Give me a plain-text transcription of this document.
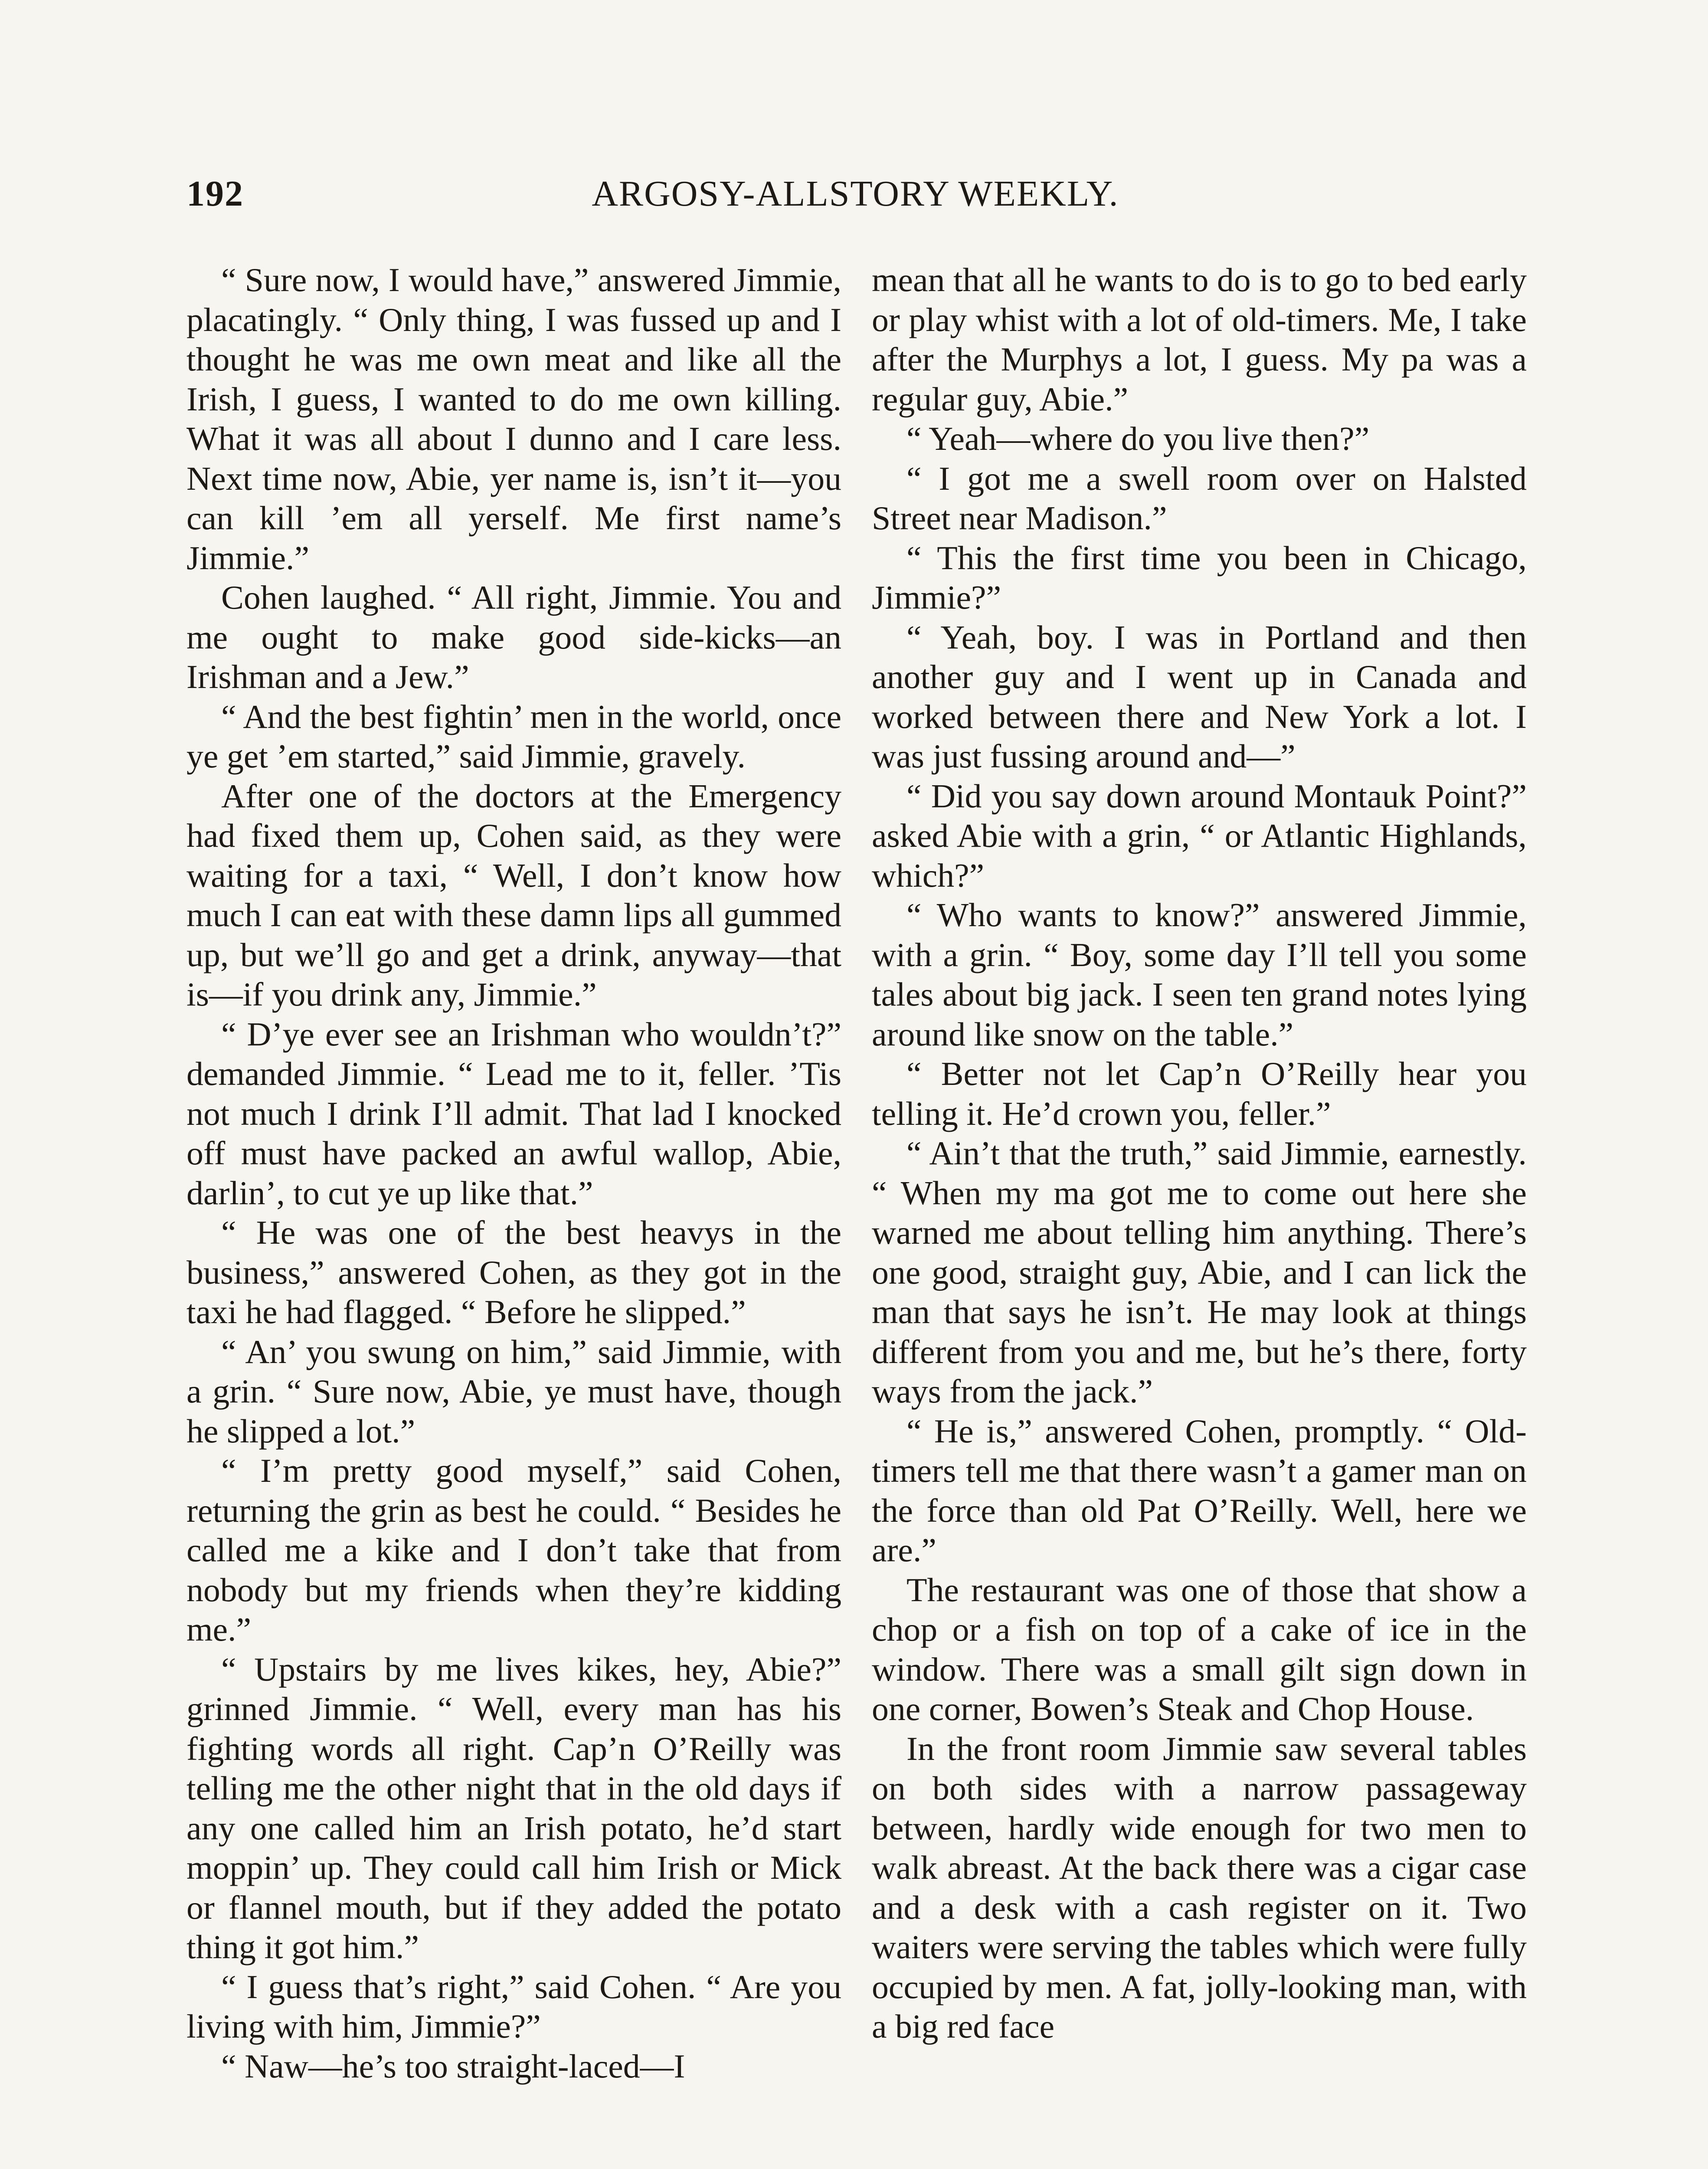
192	ARGOSY-ALLSTORY WEEKLY.

“ Sure now, I would have,” answered Jimmie, placatingly. “ Only thing, I was fussed up and I thought he was me own meat and like all the Irish, I guess, I wanted to do me own killing. What it was all about I dunno and I care less. Next time now, Abie, yer name is, isn’t it—you can kill ’em all yerself. Me first name’s Jimmie.”

Cohen laughed. “ All right, Jimmie. You and me ought to make good side-kicks—an Irishman and a Jew.”

“ And the best fightin’ men in the world, once ye get ’em started,” said Jimmie, gravely.

After one of the doctors at the Emergency had fixed them up, Cohen said, as they were waiting for a taxi, “ Well, I don’t know how much I can eat with these damn lips all gummed up, but we’ll go and get a drink, anyway—that is—if you drink any, Jimmie.”

“ D’ye ever see an Irishman who wouldn’t?” demanded Jimmie. “ Lead me to it, feller. ’Tis not much I drink I’ll admit. That lad I knocked off must have packed an awful wallop, Abie, darlin’, to cut ye up like that.”

“ He was one of the best heavys in the business,” answered Cohen, as they got in the taxi he had flagged. “ Before he slipped.”

“ An’ you swung on him,” said Jimmie, with a grin. “ Sure now, Abie, ye must have, though he slipped a lot.”

“ I’m pretty good myself,” said Cohen, returning the grin as best he could. “ Besides he called me a kike and I don’t take that from nobody but my friends when they’re kidding me.”

“ Upstairs by me lives kikes, hey, Abie?” grinned Jimmie. “ Well, every man has his fighting words all right. Cap’n O’Reilly was telling me the other night that in the old days if any one called him an Irish potato, he’d start moppin’ up. They could call him Irish or Mick or flannel mouth, but if they added the potato thing it got him.”

“ I guess that’s right,” said Cohen. “ Are you living with him, Jimmie?”

“ Naw—he’s too straight-laced—I

mean that all he wants to do is to go to bed early or play whist with a lot of old-timers. Me, I take after the Murphys a lot, I guess. My pa was a regular guy, Abie.”

“ Yeah—where do you live then?”

“ I got me a swell room over on Halsted Street near Madison.”

“ This the first time you been in Chicago, Jimmie?”

“ Yeah, boy. I was in Portland and then another guy and I went up in Canada and worked between there and New York a lot. I was just fussing around and—”

“ Did you say down around Montauk Point?” asked Abie with a grin, “ or Atlantic Highlands, which?”

“ Who wants to know?” answered Jimmie, with a grin. “ Boy, some day I’ll tell you some tales about big jack. I seen ten grand notes lying around like snow on the table.”

“ Better not let Cap’n O’Reilly hear you telling it. He’d crown you, feller.”

“ Ain’t that the truth,” said Jimmie, earnestly. “ When my ma got me to come out here she warned me about telling him anything. There’s one good, straight guy, Abie, and I can lick the man that says he isn’t. He may look at things different from you and me, but he’s there, forty ways from the jack.”

“ He is,” answered Cohen, promptly. “ Old-timers tell me that there wasn’t a gamer man on the force than old Pat O’Reilly. Well, here we are.”

The restaurant was one of those that show a chop or a fish on top of a cake of ice in the window. There was a small gilt sign down in one corner, Bowen’s Steak and Chop House.

In the front room Jimmie saw several tables on both sides with a narrow passageway between, hardly wide enough for two men to walk abreast. At the back there was a cigar case and a desk with a cash register on it. Two waiters were serving the tables which were fully occupied by men. A fat, jolly-looking man, with a big red face
